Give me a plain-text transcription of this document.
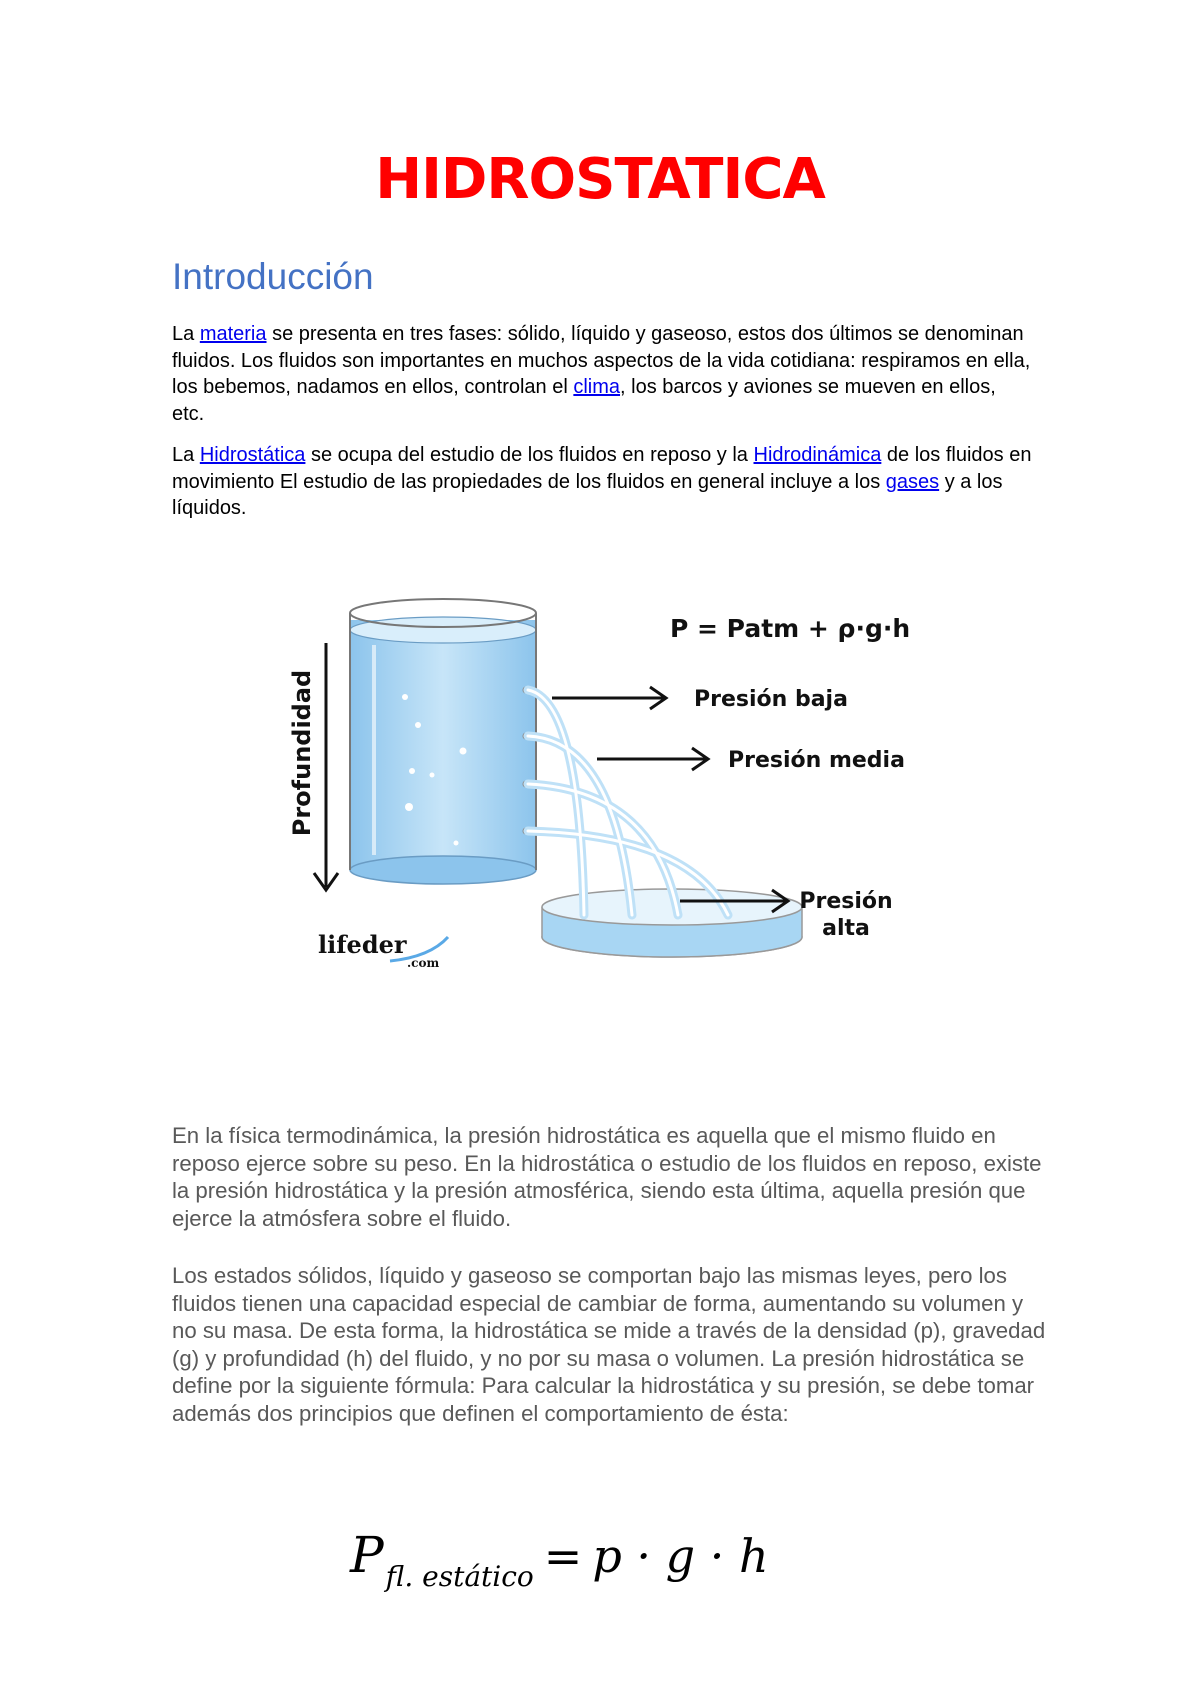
HIDROSTATICA
Introducción

La materia se presenta en tres fases: sólido, líquido y gaseoso, estos dos últimos se denominan fluidos. Los fluidos son importantes en muchos aspectos de la vida cotidiana: respiramos en ella, los bebemos, nadamos en ellos, controlan el clima, los barcos y aviones se mueven en ellos, etc.

La Hidrostática se ocupa del estudio de los fluidos en reposo y la Hidrodinámica de los fluidos en movimiento El estudio de las propiedades de los fluidos en general incluye a los gases y a los líquidos.

Profundidad
P = Patm + ρ·g·h
Presión baja
Presión media
Presión
alta
lifeder
.com

En la física termodinámica, la presión hidrostática es aquella que el mismo fluido en reposo ejerce sobre su peso. En la hidrostática o estudio de los fluidos en reposo, existe la presión hidrostática y la presión atmosférica, siendo esta última, aquella presión que ejerce la atmósfera sobre el fluido.

Los estados sólidos, líquido y gaseoso se comportan bajo las mismas leyes, pero los fluidos tienen una capacidad especial de cambiar de forma, aumentando su volumen y no su masa. De esta forma, la hidrostática se mide a través de la densidad (p), gravedad (g) y profundidad (h) del fluido, y no por su masa o volumen. La presión hidrostática se define por la siguiente fórmula: Para calcular la hidrostática y su presión, se debe tomar además dos principios que definen el comportamiento de ésta:

Pfl. estático = p · g · h
